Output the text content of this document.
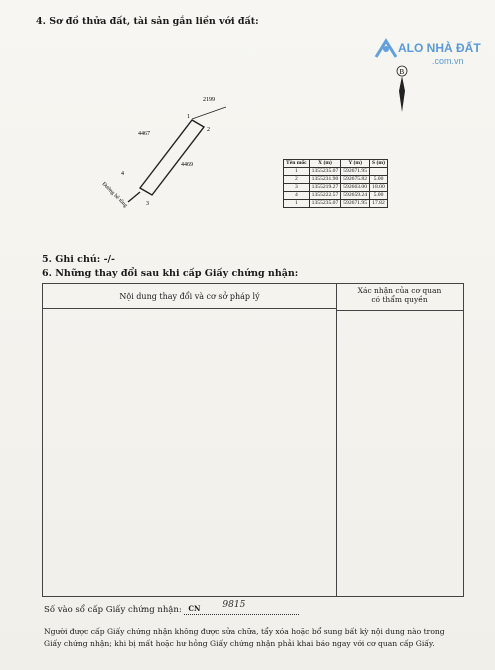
4. Sơ đồ thửa đất, tài sản gắn liền với đất:
ALO NHÀ ĐẤT
.com.vn
B
2199
4467
4469
1
2
3
4
Đường bê tông
Tên mốc	X (m)	Y (m)	S (m)
1	1355235.07	592671.95	
2	1355231.90	592675.82	5.00
3	1355219.27	592663.00	18.00
4	1355222.57	592659.24	5.00
1	1355235.07	592671.95	17.82
5. Ghi chú: -/-
6. Những thay đổi sau khi cấp Giấy chứng nhận:
Nội dung thay đổi và cơ sở pháp lý
Xác nhận của cơ quan
có thẩm quyền
Số vào sổ cấp Giấy chứng nhận: CN 9815
Người được cấp Giấy chứng nhận không được sửa chữa, tẩy xóa hoặc bổ sung bất kỳ nội dung nào trong Giấy chứng nhận; khi bị mất hoặc hư hỏng Giấy chứng nhận phải khai báo ngay với cơ quan cấp Giấy.
